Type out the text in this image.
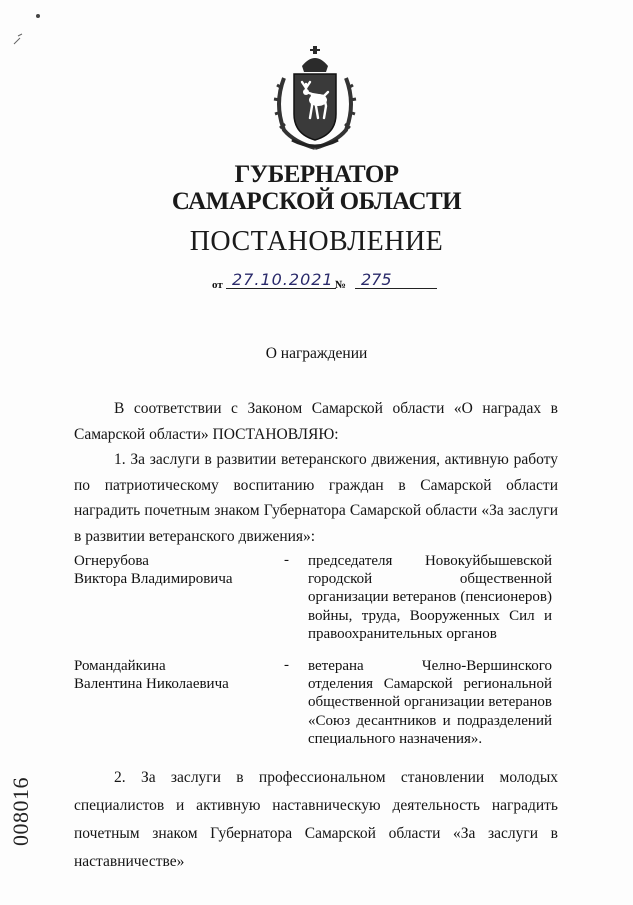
ГУБЕРНАТОР
САМАРСКОЙ ОБЛАСТИ
ПОСТАНОВЛЕНИЕ
от 27.10.2021 № 275
О награждении
В соответствии с Законом Самарской области «О наградах в Самарской области» ПОСТАНОВЛЯЮ:
1. За заслуги в развитии ветеранского движения, активную работу по патриотическому воспитанию граждан в Самарской области наградить почетным знаком Губернатора Самарской области «За заслуги в развитии ветеранского движения»:
Огнерубова
Виктора Владимировича
- председателя Новокуйбышевской городской общественной организации ветеранов (пенсионеров) войны, труда, Вооруженных Сил и правоохранительных органов
Ромaндайкина
Валентина Николаевича
- ветерана Челно-Вершинского отделения Самарской региональной общественной организации ветеранов «Союз десантников и подразделений специального назначения».
2. За заслуги в профессиональном становлении молодых специалистов и активную наставническую деятельность наградить почетным знаком Губернатора Самарской области «За заслуги в наставничестве»
008016
